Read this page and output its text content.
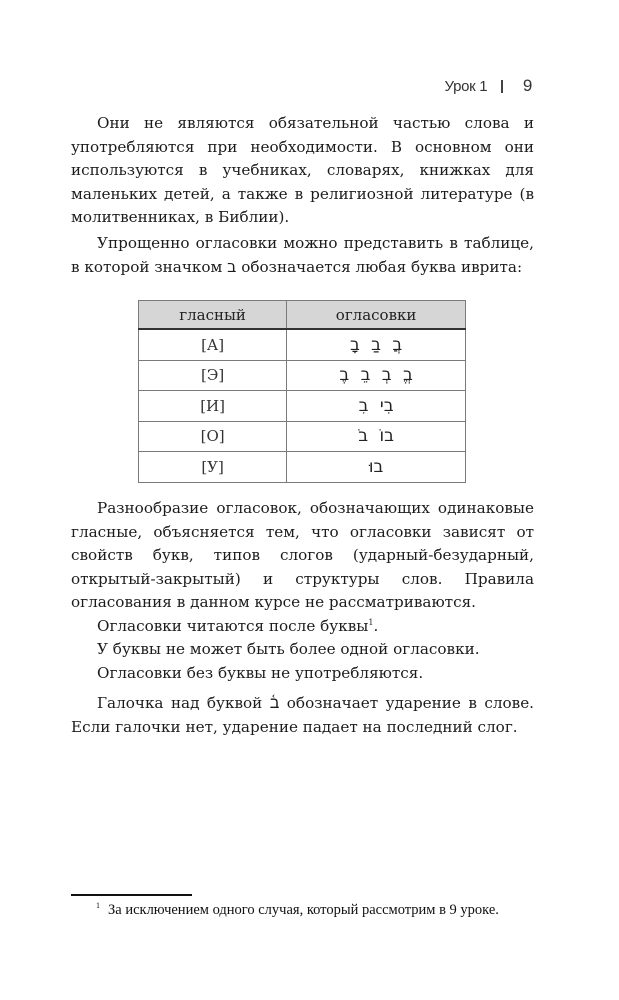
Урок 1 9

Они не являются обязательной частью слова и употребляются при необходимости. В основном они используются в учебниках, словарях, книжках для маленьких детей, а также в религиозной литературе (в молитвенниках, в Библии).

Упрощенно огласовки можно представить в таблице, в которой значком ב обозначается любая буква иврита:

гласный	огласовки
[А]	בֲ בַ בָ
[Э]	בֱ בְ בֵ בֶ
[И]	בִי בִ
[О]	בוֹ בֹ
[У]	בוּ

Разнообразие огласовок, обозначающих одинаковые гласные, объясняется тем, что огласовки зависят от свойств букв, типов слогов (ударный-безударный, открытый-закрытый) и структуры слов. Правила огласования в данном курсе не рассматриваются.

Огласовки читаются после буквы$^1$.

У буквы не может быть более одной огласовки.

Огласовки без буквы не употребляются.

Галочка над буквой ב֫ обозначает ударение в слове. Если галочки нет, ударение падает на последний слог.

$^1$ За исключением одного случая, который рассмотрим в 9 уроке.
